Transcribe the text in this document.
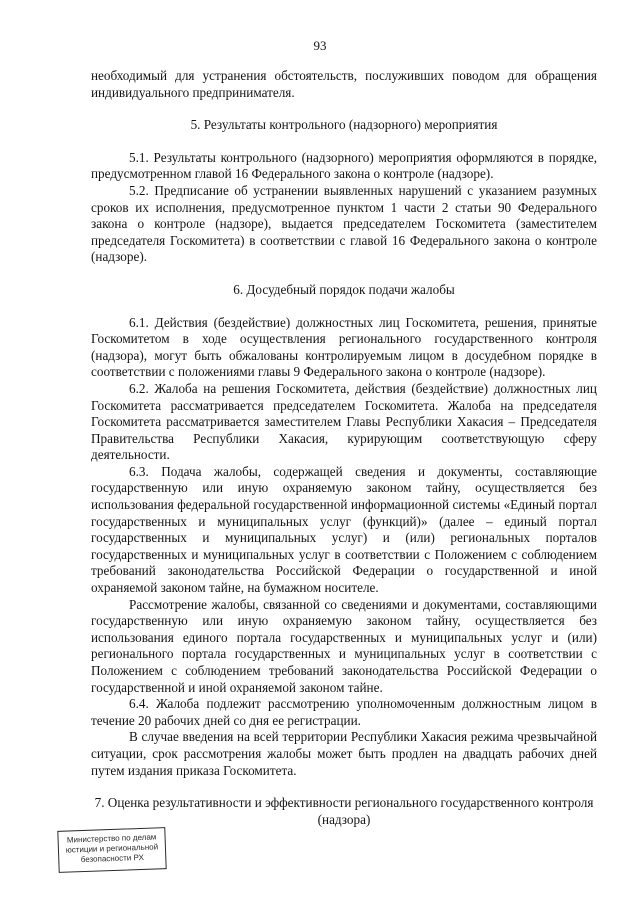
93

необходимый для устранения обстоятельств, послуживших поводом для обращения индивидуального предпринимателя.

5. Результаты контрольного (надзорного) мероприятия

5.1. Результаты контрольного (надзорного) мероприятия оформляются в порядке, предусмотренном главой 16 Федерального закона о контроле (надзоре).

5.2. Предписание об устранении выявленных нарушений с указанием разумных сроков их исполнения, предусмотренное пунктом 1 части 2 статьи 90 Федерального закона о контроле (надзоре), выдается председателем Госкомитета (заместителем председателя Госкомитета) в соответствии с главой 16 Федерального закона о контроле (надзоре).

6. Досудебный порядок подачи жалобы

6.1. Действия (бездействие) должностных лиц Госкомитета, решения, принятые Госкомитетом в ходе осуществления регионального государственного контроля (надзора), могут быть обжалованы контролируемым лицом в досудебном порядке в соответствии с положениями главы 9 Федерального закона о контроле (надзоре).

6.2. Жалоба на решения Госкомитета, действия (бездействие) должностных лиц Госкомитета рассматривается председателем Госкомитета. Жалоба на председателя Госкомитета рассматривается заместителем Главы Республики Хакасия – Председателя Правительства Республики Хакасия, курирующим соответствующую сферу деятельности.

6.3. Подача жалобы, содержащей сведения и документы, составляющие государственную или иную охраняемую законом тайну, осуществляется без использования федеральной государственной информационной системы «Единый портал государственных и муниципальных услуг (функций)» (далее – единый портал государственных и муниципальных услуг) и (или) региональных порталов государственных и муниципальных услуг в соответствии с Положением с соблюдением требований законодательства Российской Федерации о государственной и иной охраняемой законом тайне, на бумажном носителе.

Рассмотрение жалобы, связанной со сведениями и документами, составляющими государственную или иную охраняемую законом тайну, осуществляется без использования единого портала государственных и муниципальных услуг и (или) регионального портала государственных и муниципальных услуг в соответствии с Положением с соблюдением требований законодательства Российской Федерации о государственной и иной охраняемой законом тайне.

6.4. Жалоба подлежит рассмотрению уполномоченным должностным лицом в течение 20 рабочих дней со дня ее регистрации.

В случае введения на всей территории Республики Хакасия режима чрезвычайной ситуации, срок рассмотрения жалобы может быть продлен на двадцать рабочих дней путем издания приказа Госкомитета.

7. Оценка результативности и эффективности регионального государственного контроля (надзора)

Министерство по делам
юстиции и региональной
безопасности РХ
